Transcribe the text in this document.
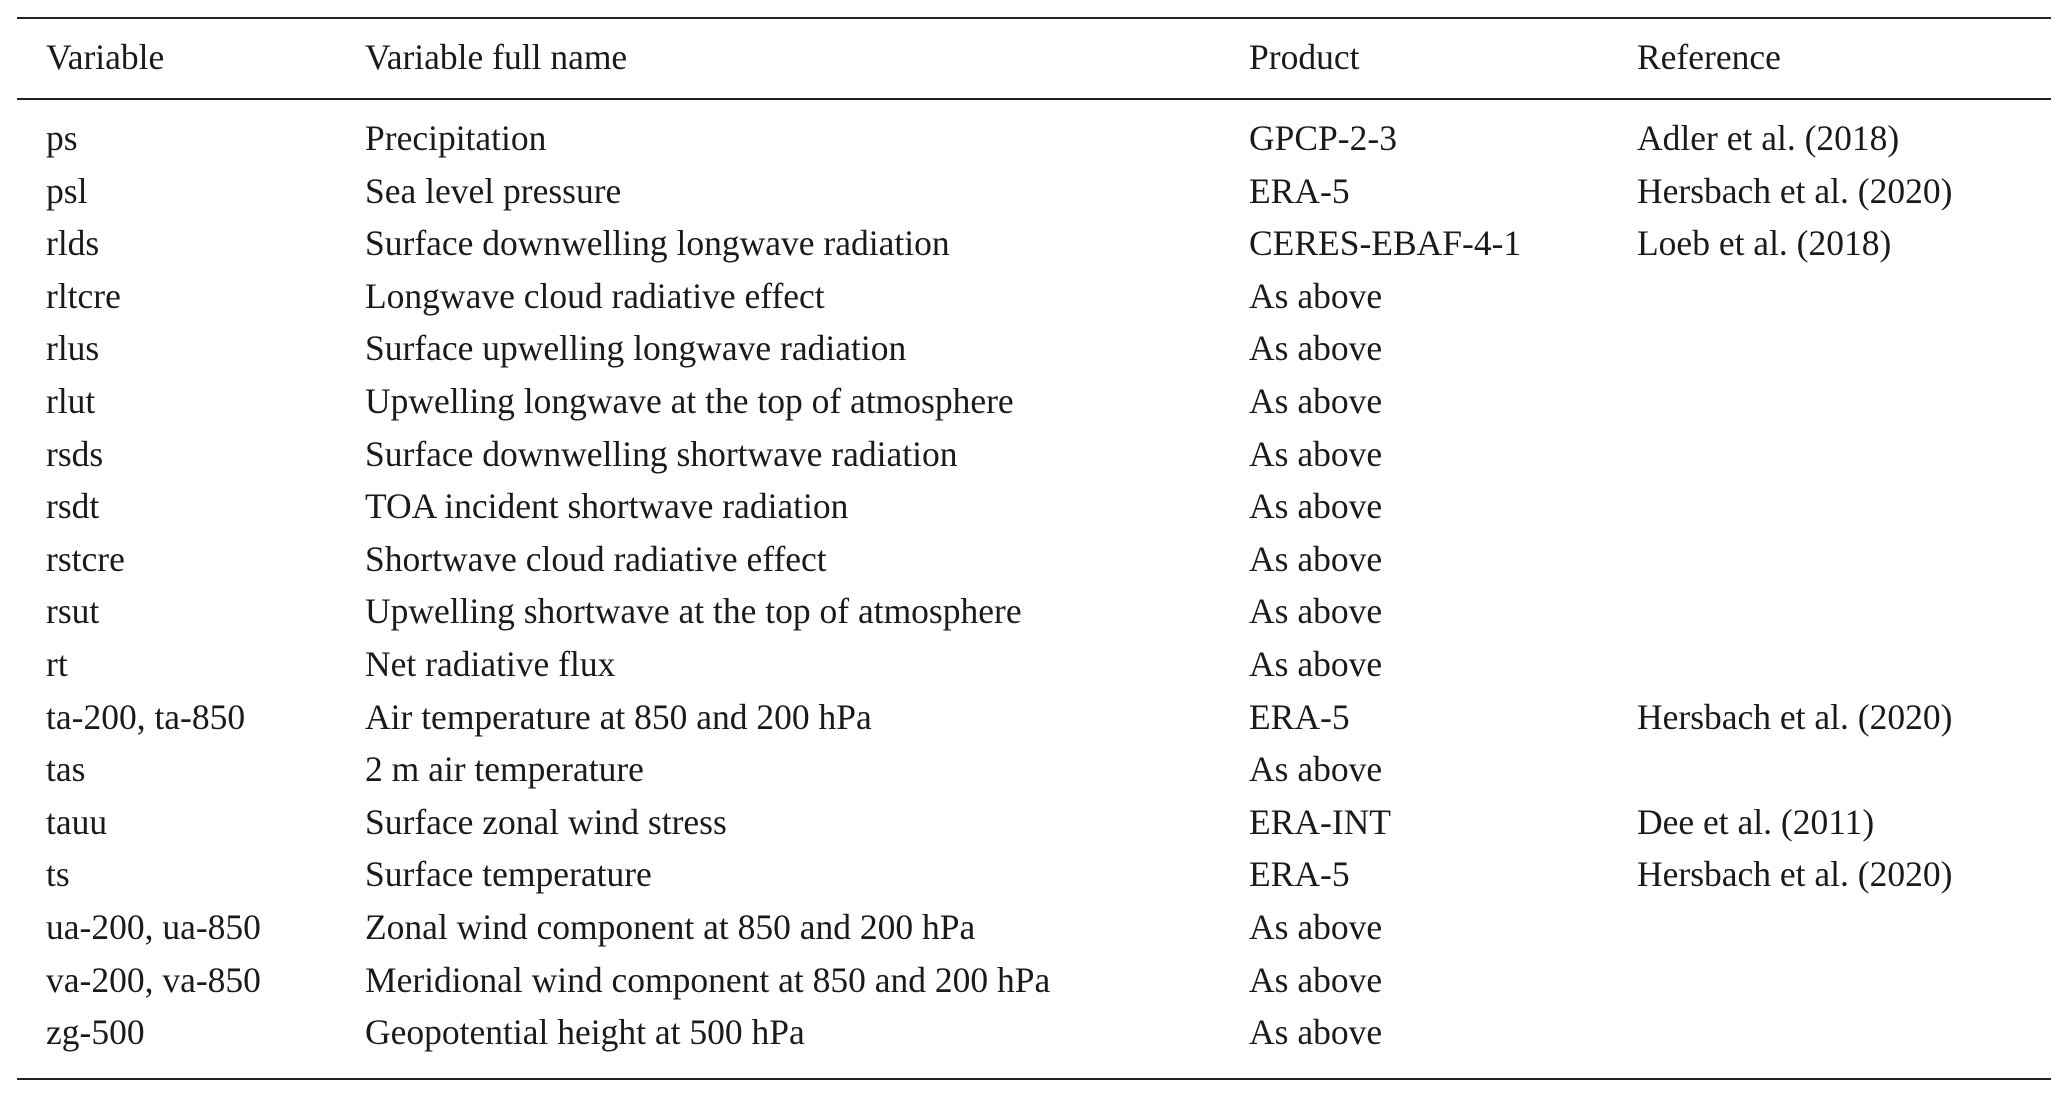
Variable	Variable full name	Product	Reference
ps	Precipitation	GPCP-2-3	Adler et al. (2018)
psl	Sea level pressure	ERA-5	Hersbach et al. (2020)
rlds	Surface downwelling longwave radiation	CERES-EBAF-4-1	Loeb et al. (2018)
rltcre	Longwave cloud radiative effect	As above
rlus	Surface upwelling longwave radiation	As above
rlut	Upwelling longwave at the top of atmosphere	As above
rsds	Surface downwelling shortwave radiation	As above
rsdt	TOA incident shortwave radiation	As above
rstcre	Shortwave cloud radiative effect	As above
rsut	Upwelling shortwave at the top of atmosphere	As above
rt	Net radiative flux	As above
ta-200, ta-850	Air temperature at 850 and 200 hPa	ERA-5	Hersbach et al. (2020)
tas	2 m air temperature	As above
tauu	Surface zonal wind stress	ERA-INT	Dee et al. (2011)
ts	Surface temperature	ERA-5	Hersbach et al. (2020)
ua-200, ua-850	Zonal wind component at 850 and 200 hPa	As above
va-200, va-850	Meridional wind component at 850 and 200 hPa	As above
zg-500	Geopotential height at 500 hPa	As above
